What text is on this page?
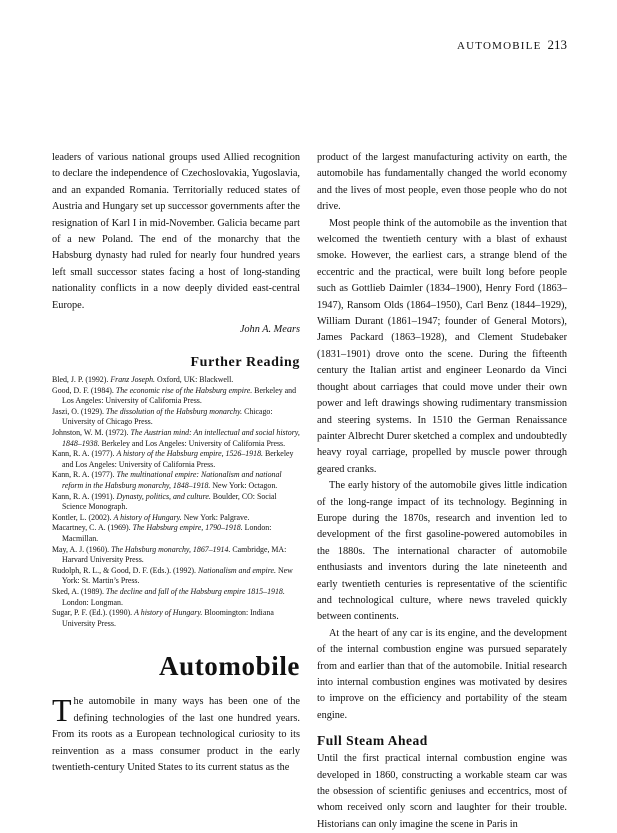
AUTOMOBILE 213

leaders of various national groups used Allied recognition to declare the independence of Czechoslovakia, Yugoslavia, and an expanded Romania. Territorially reduced states of Austria and Hungary set up successor governments after the resignation of Karl I in mid-November. Galicia became part of a new Poland. The end of the monarchy that the Habsburg dynasty had ruled for nearly four hundred years left small successor states facing a host of long-standing nationality conflicts in a now deeply divided east-central Europe.

John A. Mears

Further Reading
Bled, J. P. (1992). Franz Joseph. Oxford, UK: Blackwell.
Good, D. F. (1984). The economic rise of the Habsburg empire. Berkeley and Los Angeles: University of California Press.
Jaszi, O. (1929). The dissolution of the Habsburg monarchy. Chicago: University of Chicago Press.
Johnston, W. M. (1972). The Austrian mind: An intellectual and social history, 1848–1938. Berkeley and Los Angeles: University of California Press.
Kann, R. A. (1977). A history of the Habsburg empire, 1526–1918. Berkeley and Los Angeles: University of California Press.
Kann, R. A. (1977). The multinational empire: Nationalism and national reform in the Habsburg monarchy, 1848–1918. New York: Octagon.
Kann, R. A. (1991). Dynasty, politics, and culture. Boulder, CO: Social Science Monograph.
Kontler, L. (2002). A history of Hungary. New York: Palgrave.
Macartney, C. A. (1969). The Habsburg empire, 1790–1918. London: Macmillan.
May, A. J. (1960). The Habsburg monarchy, 1867–1914. Cambridge, MA: Harvard University Press.
Rudolph, R. L., & Good, D. F. (Eds.). (1992). Nationalism and empire. New York: St. Martin’s Press.
Sked, A. (1989). The decline and fall of the Habsburg empire 1815–1918. London: Longman.
Sugar, P. F. (Ed.). (1990). A history of Hungary. Bloomington: Indiana University Press.
Automobile

The automobile in many ways has been one of the defining technologies of the last one hundred years. From its roots as a European technological curiosity to its reinvention as a mass consumer product in the early twentieth-century United States to its current status as the

product of the largest manufacturing activity on earth, the automobile has fundamentally changed the world economy and the lives of most people, even those people who do not drive.

Most people think of the automobile as the invention that welcomed the twentieth century with a blast of exhaust smoke. However, the earliest cars, a strange blend of the eccentric and the practical, were built long before people such as Gottlieb Daimler (1834–1900), Henry Ford (1863–1947), Ransom Olds (1864–1950), Carl Benz (1844–1929), William Durant (1861–1947; founder of General Motors), James Packard (1863–1928), and Clement Studebaker (1831–1901) drove onto the scene. During the fifteenth century the Italian artist and engineer Leonardo da Vinci thought about carriages that could move under their own power and left drawings showing rudimentary transmission and steering systems. In 1510 the German Renaissance painter Albrecht Durer sketched a complex and undoubtedly heavy royal carriage, propelled by muscle power through geared cranks.

The early history of the automobile gives little indication of the long-range impact of its technology. Beginning in Europe during the 1870s, research and invention led to development of the first gasoline-powered automobiles in the 1880s. The international character of automobile enthusiasts and inventors during the late nineteenth and early twentieth centuries is representative of the scientific and technological culture, where news traveled quickly between continents.

At the heart of any car is its engine, and the development of the internal combustion engine was pursued separately from and earlier than that of the automobile. Initial research into internal combustion engines was motivated by desires to improve on the efficiency and portability of the steam engine.

Full Steam Ahead

Until the first practical internal combustion engine was developed in 1860, constructing a workable steam car was the obsession of scientific geniuses and eccentrics, most of whom received only scorn and laughter for their trouble. Historians can only imagine the scene in Paris in
